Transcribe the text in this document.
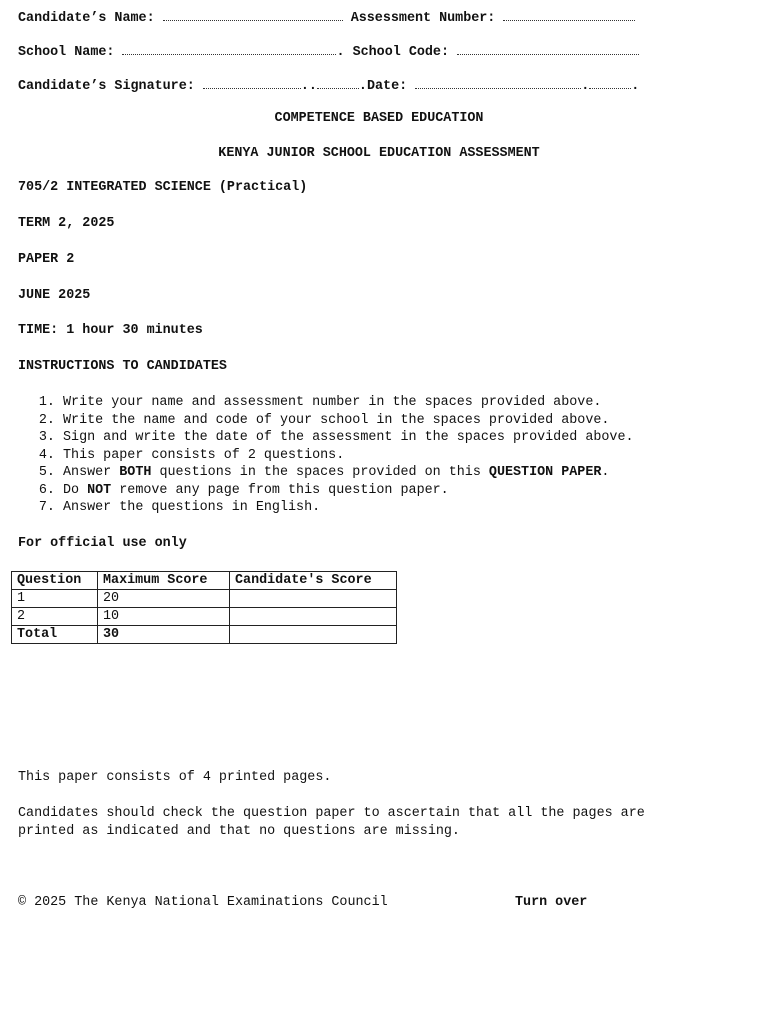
Candidate’s Name:	Assessment Number:
School Name:	. School Code:
Candidate’s Signature:	..	.Date:	.	.
COMPETENCE BASED EDUCATION
KENYA JUNIOR SCHOOL EDUCATION ASSESSMENT
705/2 INTEGRATED SCIENCE (Practical)
TERM 2, 2025
PAPER 2
JUNE 2025
TIME: 1 hour 30 minutes
INSTRUCTIONS TO CANDIDATES
1. Write your name and assessment number in the spaces provided above.
2. Write the name and code of your school in the spaces provided above.
3. Sign and write the date of the assessment in the spaces provided above.
4. This paper consists of 2 questions.
5. Answer BOTH questions in the spaces provided on this QUESTION PAPER.
6. Do NOT remove any page from this question paper.
7. Answer the questions in English.
For official use only
Question	Maximum Score	Candidate's Score
1	20	
2	10	
Total	30	
This paper consists of 4 printed pages.
Candidates should check the question paper to ascertain that all the pages are
printed as indicated and that no questions are missing.
© 2025 The Kenya National Examinations Council	Turn over
